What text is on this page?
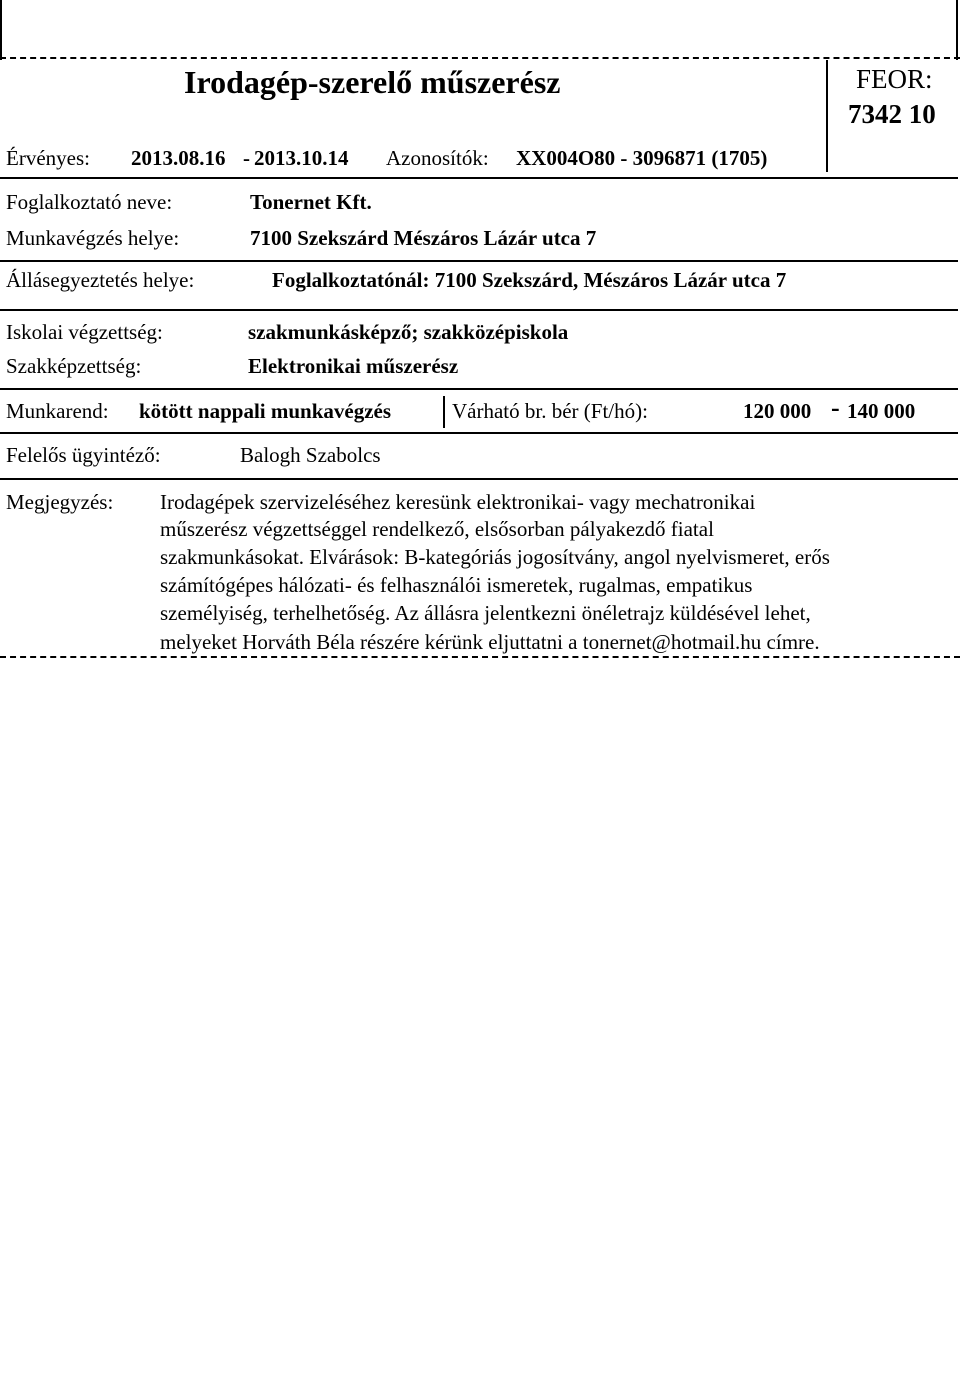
Irodagép-szerelő műszerész	FEOR:
7342 10
Érvényes: 2013.08.16 - 2013.10.14 Azonosítók: XX004O80 - 3096871 (1705)
Foglalkoztató neve:	Tonernet Kft.
Munkavégzés helye:	7100 Szekszárd Mészáros Lázár utca 7
Állásegyeztetés helye:	Foglalkoztatónál: 7100 Szekszárd, Mészáros Lázár utca 7
Iskolai végzettség:	szakmunkásképző; szakközépiskola
Szakképzettség:	Elektronikai műszerész
Munkarend: kötött nappali munkavégzés	Várható br. bér (Ft/hó):	120 000 - 140 000
Felelős ügyintéző:	Balogh Szabolcs
Megjegyzés: Irodagépek szervizeléséhez keresünk elektronikai- vagy mechatronikai
műszerész végzettséggel rendelkező, elsősorban pályakezdő fiatal
szakmunkásokat. Elvárások: B-kategóriás jogosítvány, angol nyelvismeret, erős
számítógépes hálózati- és felhasználói ismeretek, rugalmas, empatikus
személyiség, terhelhetőség. Az állásra jelentkezni önéletrajz küldésével lehet,
melyeket Horváth Béla részére kérünk eljuttatni a tonernet@hotmail.hu címre.
